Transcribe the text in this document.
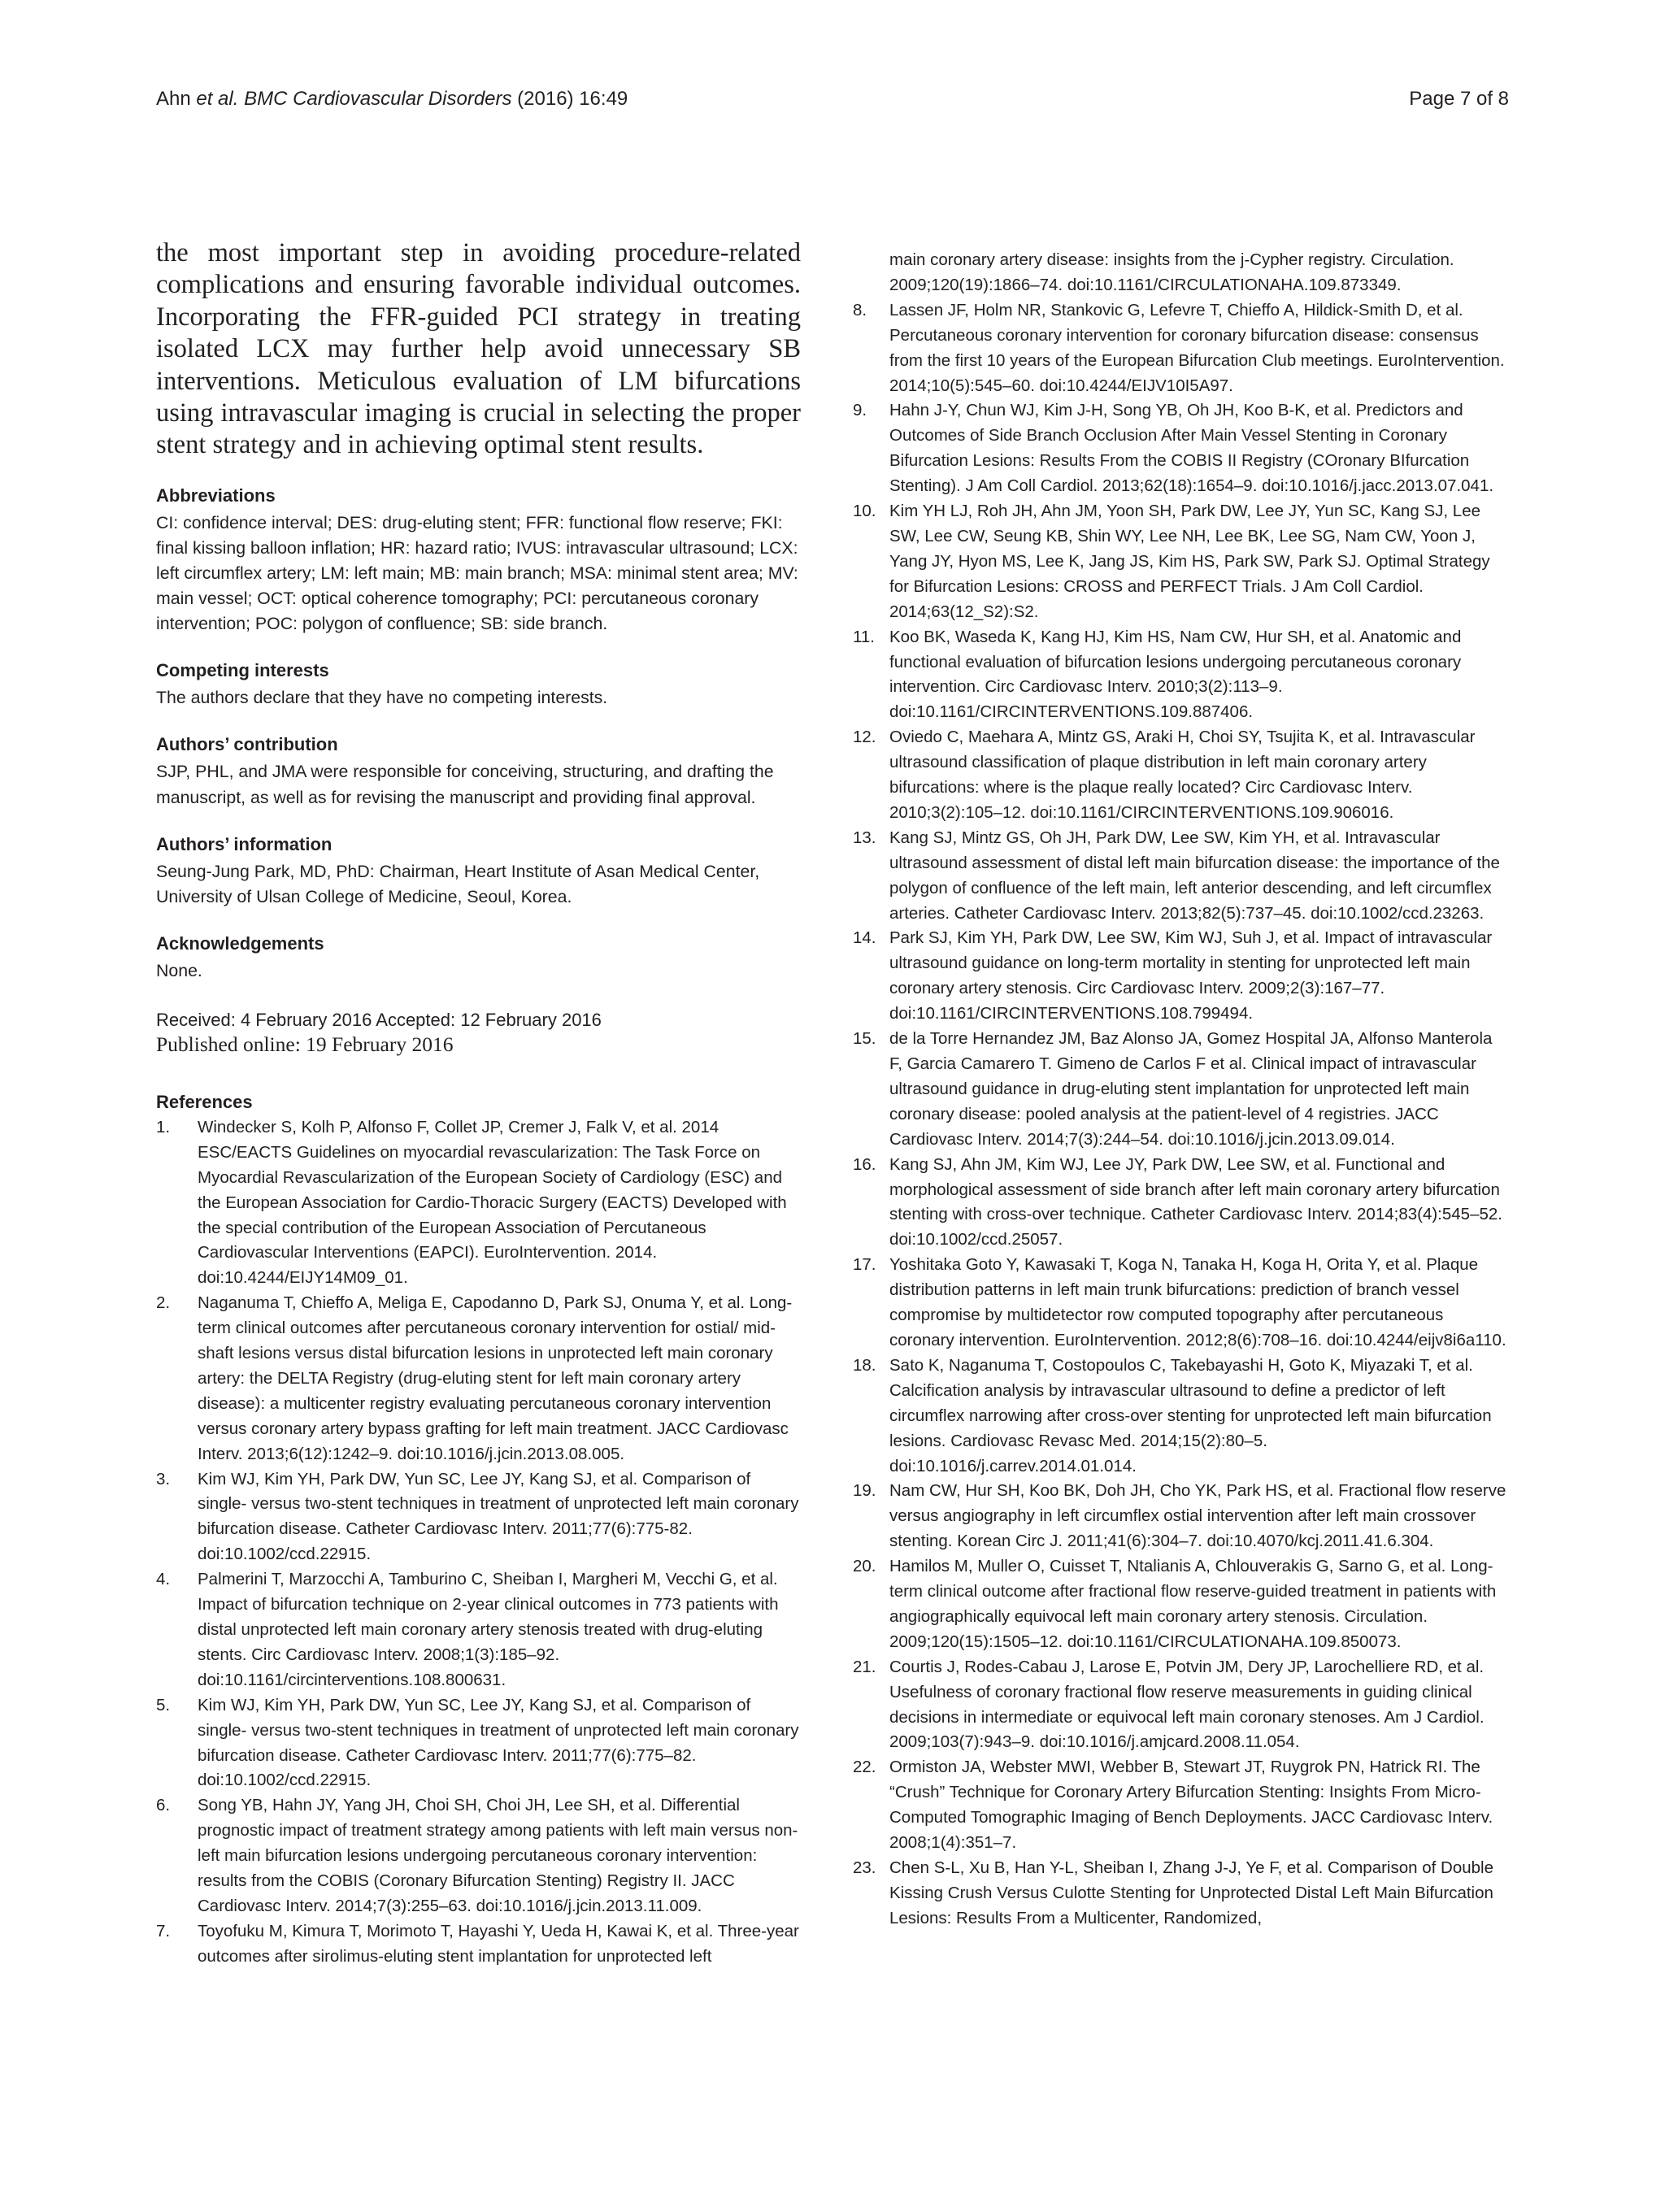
Ahn et al. BMC Cardiovascular Disorders (2016) 16:49	Page 7 of 8

the most important step in avoiding procedure-related complications and ensuring favorable individual outcomes. Incorporating the FFR-guided PCI strategy in treating isolated LCX may further help avoid unnecessary SB interventions. Meticulous evaluation of LM bifurcations using intravascular imaging is crucial in selecting the proper stent strategy and in achieving optimal stent results.

Abbreviations

CI: confidence interval; DES: drug-eluting stent; FFR: functional flow reserve; FKI: final kissing balloon inflation; HR: hazard ratio; IVUS: intravascular ultrasound; LCX: left circumflex artery; LM: left main; MB: main branch; MSA: minimal stent area; MV: main vessel; OCT: optical coherence tomography; PCI: percutaneous coronary intervention; POC: polygon of confluence; SB: side branch.

Competing interests

The authors declare that they have no competing interests.

Authors’ contribution

SJP, PHL, and JMA were responsible for conceiving, structuring, and drafting the manuscript, as well as for revising the manuscript and providing final approval.

Authors’ information

Seung-Jung Park, MD, PhD: Chairman, Heart Institute of Asan Medical Center, University of Ulsan College of Medicine, Seoul, Korea.

Acknowledgements

None.

Received: 4 February 2016 Accepted: 12 February 2016

Published online: 19 February 2016

References
1. Windecker S, Kolh P, Alfonso F, Collet JP, Cremer J, Falk V, et al. 2014 ESC/EACTS Guidelines on myocardial revascularization: The Task Force on Myocardial Revascularization of the European Society of Cardiology (ESC) and the European Association for Cardio-Thoracic Surgery (EACTS) Developed with the special contribution of the European Association of Percutaneous Cardiovascular Interventions (EAPCI). EuroIntervention. 2014. doi:10.4244/EIJY14M09_01.
2. Naganuma T, Chieffo A, Meliga E, Capodanno D, Park SJ, Onuma Y, et al. Long-term clinical outcomes after percutaneous coronary intervention for ostial/ mid-shaft lesions versus distal bifurcation lesions in unprotected left main coronary artery: the DELTA Registry (drug-eluting stent for left main coronary artery disease): a multicenter registry evaluating percutaneous coronary intervention versus coronary artery bypass grafting for left main treatment. JACC Cardiovasc Interv. 2013;6(12):1242–9. doi:10.1016/j.jcin.2013.08.005.
3. Kim WJ, Kim YH, Park DW, Yun SC, Lee JY, Kang SJ, et al. Comparison of single- versus two-stent techniques in treatment of unprotected left main coronary bifurcation disease. Catheter Cardiovasc Interv. 2011;77(6):775-82. doi:10.1002/ccd.22915.
4. Palmerini T, Marzocchi A, Tamburino C, Sheiban I, Margheri M, Vecchi G, et al. Impact of bifurcation technique on 2-year clinical outcomes in 773 patients with distal unprotected left main coronary artery stenosis treated with drug-eluting stents. Circ Cardiovasc Interv. 2008;1(3):185–92. doi:10.1161/circinterventions.108.800631.
5. Kim WJ, Kim YH, Park DW, Yun SC, Lee JY, Kang SJ, et al. Comparison of single- versus two-stent techniques in treatment of unprotected left main coronary bifurcation disease. Catheter Cardiovasc Interv. 2011;77(6):775–82. doi:10.1002/ccd.22915.
6. Song YB, Hahn JY, Yang JH, Choi SH, Choi JH, Lee SH, et al. Differential prognostic impact of treatment strategy among patients with left main versus non-left main bifurcation lesions undergoing percutaneous coronary intervention: results from the COBIS (Coronary Bifurcation Stenting) Registry II. JACC Cardiovasc Interv. 2014;7(3):255–63. doi:10.1016/j.jcin.2013.11.009.
7. Toyofuku M, Kimura T, Morimoto T, Hayashi Y, Ueda H, Kawai K, et al. Three-year outcomes after sirolimus-eluting stent implantation for unprotected left
main coronary artery disease: insights from the j-Cypher registry. Circulation. 2009;120(19):1866–74. doi:10.1161/CIRCULATIONAHA.109.873349.
8. Lassen JF, Holm NR, Stankovic G, Lefevre T, Chieffo A, Hildick-Smith D, et al. Percutaneous coronary intervention for coronary bifurcation disease: consensus from the first 10 years of the European Bifurcation Club meetings. EuroIntervention. 2014;10(5):545–60. doi:10.4244/EIJV10I5A97.
9. Hahn J-Y, Chun WJ, Kim J-H, Song YB, Oh JH, Koo B-K, et al. Predictors and Outcomes of Side Branch Occlusion After Main Vessel Stenting in Coronary Bifurcation Lesions: Results From the COBIS II Registry (COronary BIfurcation Stenting). J Am Coll Cardiol. 2013;62(18):1654–9. doi:10.1016/j.jacc.2013.07.041.
10. Kim YH LJ, Roh JH, Ahn JM, Yoon SH, Park DW, Lee JY, Yun SC, Kang SJ, Lee SW, Lee CW, Seung KB, Shin WY, Lee NH, Lee BK, Lee SG, Nam CW, Yoon J, Yang JY, Hyon MS, Lee K, Jang JS, Kim HS, Park SW, Park SJ. Optimal Strategy for Bifurcation Lesions: CROSS and PERFECT Trials. J Am Coll Cardiol. 2014;63(12_S2):S2.
11. Koo BK, Waseda K, Kang HJ, Kim HS, Nam CW, Hur SH, et al. Anatomic and functional evaluation of bifurcation lesions undergoing percutaneous coronary intervention. Circ Cardiovasc Interv. 2010;3(2):113–9. doi:10.1161/CIRCINTERVENTIONS.109.887406.
12. Oviedo C, Maehara A, Mintz GS, Araki H, Choi SY, Tsujita K, et al. Intravascular ultrasound classification of plaque distribution in left main coronary artery bifurcations: where is the plaque really located? Circ Cardiovasc Interv. 2010;3(2):105–12. doi:10.1161/CIRCINTERVENTIONS.109.906016.
13. Kang SJ, Mintz GS, Oh JH, Park DW, Lee SW, Kim YH, et al. Intravascular ultrasound assessment of distal left main bifurcation disease: the importance of the polygon of confluence of the left main, left anterior descending, and left circumflex arteries. Catheter Cardiovasc Interv. 2013;82(5):737–45. doi:10.1002/ccd.23263.
14. Park SJ, Kim YH, Park DW, Lee SW, Kim WJ, Suh J, et al. Impact of intravascular ultrasound guidance on long-term mortality in stenting for unprotected left main coronary artery stenosis. Circ Cardiovasc Interv. 2009;2(3):167–77. doi:10.1161/CIRCINTERVENTIONS.108.799494.
15. de la Torre Hernandez JM, Baz Alonso JA, Gomez Hospital JA, Alfonso Manterola F, Garcia Camarero T. Gimeno de Carlos F et al. Clinical impact of intravascular ultrasound guidance in drug-eluting stent implantation for unprotected left main coronary disease: pooled analysis at the patient-level of 4 registries. JACC Cardiovasc Interv. 2014;7(3):244–54. doi:10.1016/j.jcin.2013.09.014.
16. Kang SJ, Ahn JM, Kim WJ, Lee JY, Park DW, Lee SW, et al. Functional and morphological assessment of side branch after left main coronary artery bifurcation stenting with cross-over technique. Catheter Cardiovasc Interv. 2014;83(4):545–52. doi:10.1002/ccd.25057.
17. Yoshitaka Goto Y, Kawasaki T, Koga N, Tanaka H, Koga H, Orita Y, et al. Plaque distribution patterns in left main trunk bifurcations: prediction of branch vessel compromise by multidetector row computed topography after percutaneous coronary intervention. EuroIntervention. 2012;8(6):708–16. doi:10.4244/eijv8i6a110.
18. Sato K, Naganuma T, Costopoulos C, Takebayashi H, Goto K, Miyazaki T, et al. Calcification analysis by intravascular ultrasound to define a predictor of left circumflex narrowing after cross-over stenting for unprotected left main bifurcation lesions. Cardiovasc Revasc Med. 2014;15(2):80–5. doi:10.1016/j.carrev.2014.01.014.
19. Nam CW, Hur SH, Koo BK, Doh JH, Cho YK, Park HS, et al. Fractional flow reserve versus angiography in left circumflex ostial intervention after left main crossover stenting. Korean Circ J. 2011;41(6):304–7. doi:10.4070/kcj.2011.41.6.304.
20. Hamilos M, Muller O, Cuisset T, Ntalianis A, Chlouverakis G, Sarno G, et al. Long-term clinical outcome after fractional flow reserve-guided treatment in patients with angiographically equivocal left main coronary artery stenosis. Circulation. 2009;120(15):1505–12. doi:10.1161/CIRCULATIONAHA.109.850073.
21. Courtis J, Rodes-Cabau J, Larose E, Potvin JM, Dery JP, Larochelliere RD, et al. Usefulness of coronary fractional flow reserve measurements in guiding clinical decisions in intermediate or equivocal left main coronary stenoses. Am J Cardiol. 2009;103(7):943–9. doi:10.1016/j.amjcard.2008.11.054.
22. Ormiston JA, Webster MWI, Webber B, Stewart JT, Ruygrok PN, Hatrick RI. The “Crush” Technique for Coronary Artery Bifurcation Stenting: Insights From Micro-Computed Tomographic Imaging of Bench Deployments. JACC Cardiovasc Interv. 2008;1(4):351–7.
23. Chen S-L, Xu B, Han Y-L, Sheiban I, Zhang J-J, Ye F, et al. Comparison of Double Kissing Crush Versus Culotte Stenting for Unprotected Distal Left Main Bifurcation Lesions: Results From a Multicenter, Randomized,
